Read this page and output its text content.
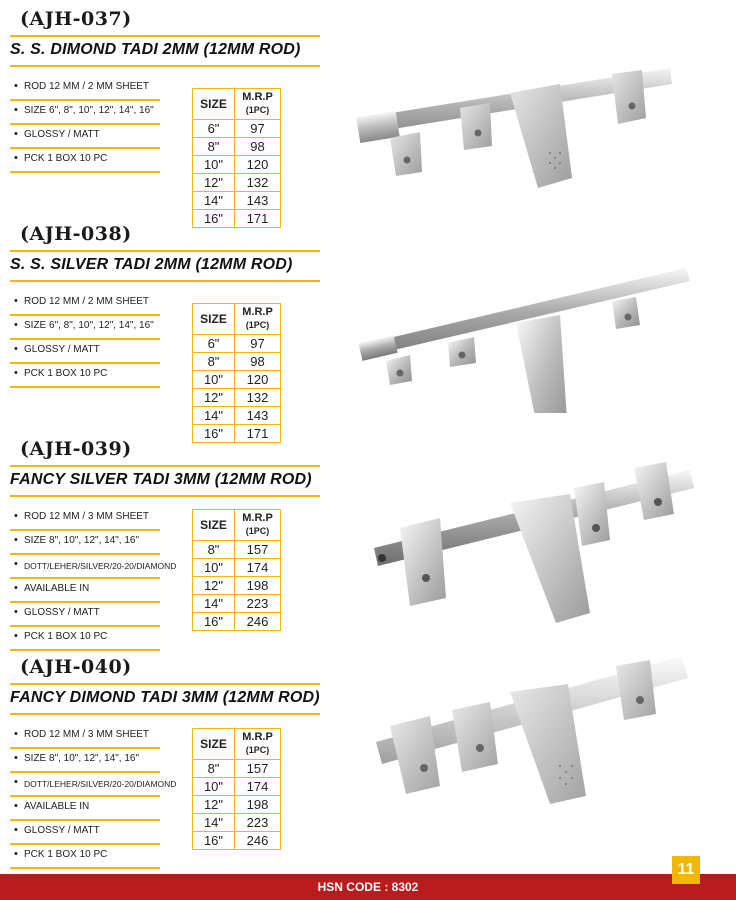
(AJH-037)
S. S. DIMOND TADI 2MM (12MM ROD)
• ROD 12 MM / 2 MM SHEET
• SIZE 6", 8", 10", 12", 14", 16"
• GLOSSY / MATT
• PCK 1 BOX 10 PC
SIZE	M.R.P
(1PC)

6"	97
8"	98
10"	120
12"	132
14"	143
16"	171
(AJH-038)
S. S. SILVER TADI 2MM (12MM ROD)
• ROD 12 MM / 2 MM SHEET
• SIZE 6", 8", 10", 12", 14", 16"
• GLOSSY / MATT
• PCK 1 BOX 10 PC
SIZE	M.R.P
(1PC)

6"	97
8"	98
10"	120
12"	132
14"	143
16"	171
(AJH-039)
FANCY SILVER TADI 3MM (12MM ROD)
• ROD 12 MM / 3 MM SHEET
• SIZE 8", 10", 12", 14", 16"
• DOTT/LEHER/SILVER/20-20/DIAMOND
• AVAILABLE IN
• GLOSSY / MATT
• PCK 1 BOX 10 PC
SIZE	M.R.P
(1PC)

8"	157
10"	174
12"	198
14"	223
16"	246
(AJH-040)
FANCY DIMOND TADI 3MM (12MM ROD)
• ROD 12 MM / 3 MM SHEET
• SIZE 8", 10", 12", 14", 16"
• DOTT/LEHER/SILVER/20-20/DIAMOND
• AVAILABLE IN
• GLOSSY / MATT
• PCK 1 BOX 10 PC
SIZE	M.R.P
(1PC)

8"	157
10"	174
12"	198
14"	223
16"	246
HSN CODE : 8302
11
